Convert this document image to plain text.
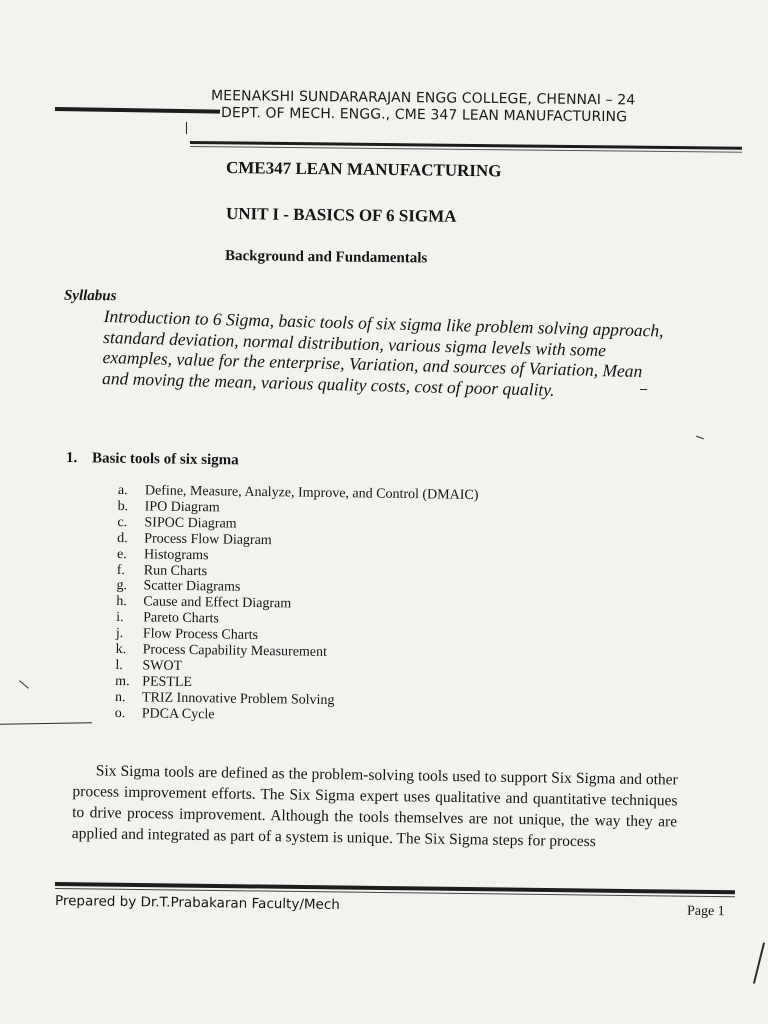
MEENAKSHI SUNDARARAJAN ENGG COLLEGE, CHENNAI – 24

DEPT. OF MECH. ENGG., CME 347 LEAN MANUFACTURING

CME347 LEAN MANUFACTURING
UNIT I - BASICS OF 6 SIGMA
Background and Fundamentals

Syllabus

Introduction to 6 Sigma, basic tools of six sigma like problem solving approach, standard deviation, normal distribution, various sigma levels with some examples, value for the enterprise, Variation, and sources of Variation, Mean and moving the mean, various quality costs, cost of poor quality.

1. Basic tools of six sigma

a. Define, Measure, Analyze, Improve, and Control (DMAIC)
b. IPO Diagram
c. SIPOC Diagram
d. Process Flow Diagram
e. Histograms
f. Run Charts
g. Scatter Diagrams
h. Cause and Effect Diagram
i. Pareto Charts
j. Flow Process Charts
k. Process Capability Measurement
l. SWOT
m. PESTLE
n. TRIZ Innovative Problem Solving
o. PDCA Cycle

Six Sigma tools are defined as the problem-solving tools used to support Six Sigma and other process improvement efforts. The Six Sigma expert uses qualitative and quantitative techniques to drive process improvement. Although the tools themselves are not unique, the way they are applied and integrated as part of a system is unique. The Six Sigma steps for process

Prepared by Dr.T.Prabakaran Faculty/Mech	Page 1
